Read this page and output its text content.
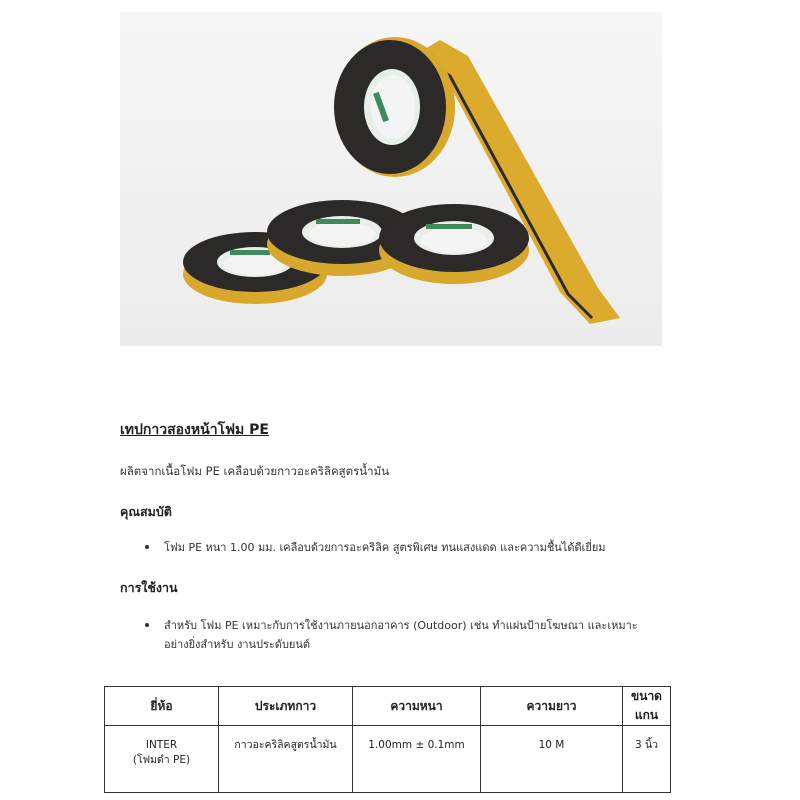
เทปกาวสองหน้าโฟม PE

ผลิตจากเนื้อโฟม PE เคลือบด้วยกาวอะคริลิคสูตรน้ำมัน

คุณสมบัติ
โฟม PE หนา 1.00 มม. เคลือบด้วยการอะคริลิค สูตรพิเศษ ทนแสงแดด และความชื้นได้ดีเยี่ยม
การใช้งาน
สำหรับ โฟม PE เหมาะกับการใช้งานภายนอกอาคาร (Outdoor) เช่น ทำแผ่นป้ายโฆษณา และเหมาะอย่างยิ่งสำหรับ งานประดับยนต์
ยี่ห้อ	ประเภทกาว	ความหนา	ความยาว	ขนาดแกน

INTER
(โฟมดำ PE)	กาวอะคริลิคสูตรน้ำมัน	1.00mm ± 0.1mm	10 M	3 นิ้ว
